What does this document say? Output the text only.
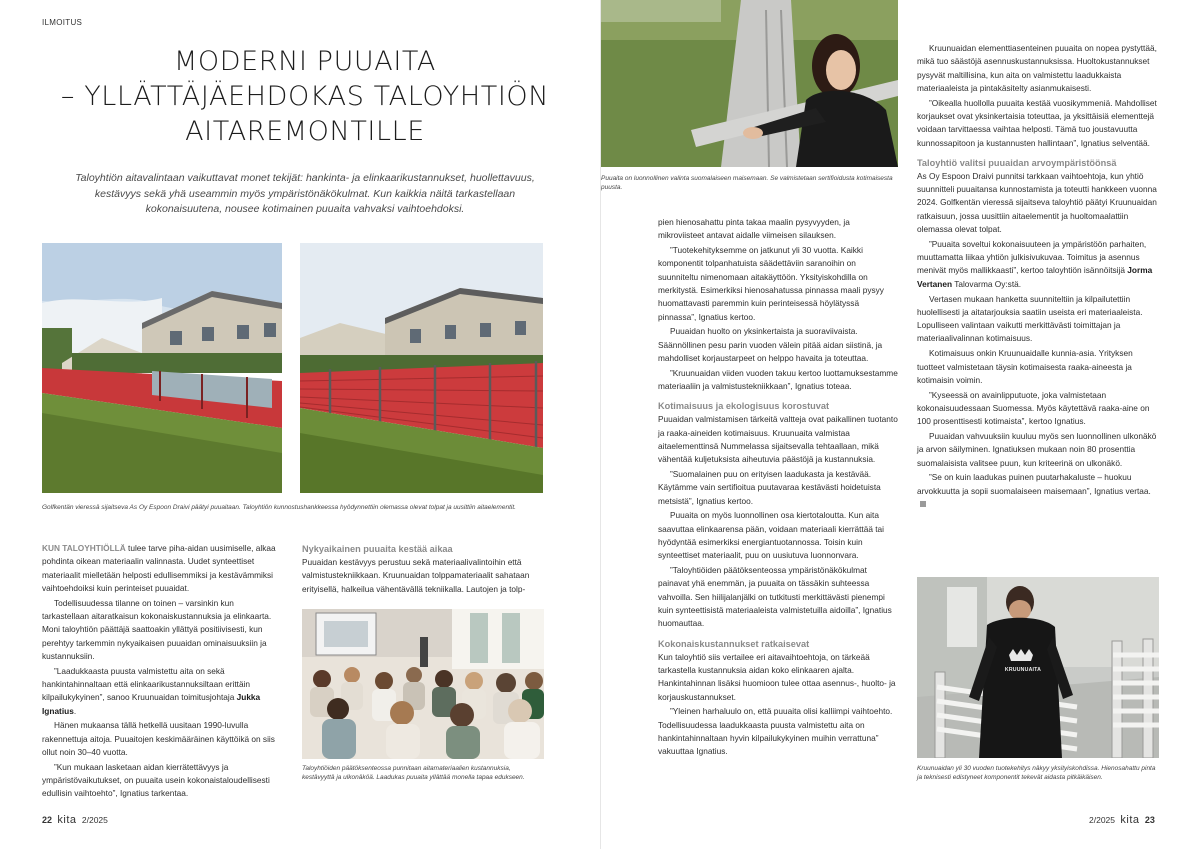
ILMOITUS
MODERNI PUUAITA
– YLLÄTTÄJÄEHDOKAS TALOYHTIÖN
AITAREMONTILLE
Taloyhtiön aitavalintaan vaikuttavat monet tekijät: hankinta- ja elinkaarikustannukset, huollettavuus,
kestävyys sekä yhä useammin myös ympäristönäkökulmat. Kun kaikkia näitä tarkastellaan
kokonaisuutena, nousee kotimainen puuaita vahvaksi vaihtoehdoksi.
Golfkentän vieressä sijaitseva As Oy Espoon Draivi päätyi puuaitaan. Taloyhtiön kunnostushankkeessa hyödynnettiin olemassa olevat tolpat ja uusittiin aitaelementit.

KUN TALOYHTIÖLLÄ tulee tarve piha-aidan uusimiselle, alkaa pohdinta oikean materiaalin valinnasta. Uudet synteettiset materiaalit mielletään helposti edullisemmiksi ja kestävämmiksi vaihtoehdoiksi kuin perinteiset puuaidat.

Todellisuudessa tilanne on toinen – varsinkin kun tarkastellaan aitaratkaisun kokonaiskustannuksia ja elinkaarta. Moni taloyhtiön päättäjä saattoakin yllättyä positiivisesti, kun perehtyy tarkemmin nykyaikaisen puuaidan ominaisuuksiin ja kustannuksiin.

”Laadukkaasta puusta valmistettu aita on sekä hankintahinnaltaan että elinkaarikustannuksiltaan erittäin kilpailukykyinen”, sanoo Kruunuaidan toimitusjohtaja Jukka Ignatius.

Hänen mukaansa tällä hetkellä uusitaan 1990-luvulla rakennettuja aitoja. Puuaitojen keskimääräinen käyttöikä on siis ollut noin 30–40 vuotta.

”Kun mukaan lasketaan aidan kierrätettävyys ja ympäristövaikutukset, on puuaita usein kokonaistaloudellisesti edullisin vaihtoehto”, Ignatius tarkentaa.

Nykyaikainen puuaita kestää aikaa

Puuaidan kestävyys perustuu sekä materiaalivalintoihin että valmistustekniikkaan. Kruunuaidan tolppamateriaalit sahataan erityisellä, halkeilua vähentävällä tekniikalla. Lautojen ja tolp-

Taloyhtiöiden päätöksenteossa punnitaan aitamateriaalien kustannuksia, kestävyyttä ja ulkonäköä. Laadukas puuaita yllättää monella tapaa edukseen.
22 kita 2/2025
Puuaita on luonnollinen valinta suomalaiseen maisemaan. Se valmistetaan sertifioidusta kotimaisesta puusta.

pien hienosahattu pinta takaa maalin pysyvyyden, ja mikroviisteet antavat aidalle viimeisen silauksen.

”Tuotekehityksemme on jatkunut yli 30 vuotta. Kaikki komponentit tolpanhatuista säädettäviin saranoihin on suunniteltu nimenomaan aitakäyttöön. Yksityiskohdilla on merkitystä. Esimerkiksi hienosahatussa pinnassa maali pysyy huomattavasti paremmin kuin perinteisessä höylätyssä pinnassa”, Ignatius kertoo.

Puuaidan huolto on yksinkertaista ja suoraviivaista. Säännöllinen pesu parin vuoden välein pitää aidan siistinä, ja mahdolliset korjaustarpeet on helppo havaita ja toteuttaa.

”Kruunuaidan viiden vuoden takuu kertoo luottamuksestamme materiaaliin ja valmistustekniikkaan”, Ignatius toteaa.

Kotimaisuus ja ekologisuus korostuvat

Puuaidan valmistamisen tärkeitä valtteja ovat paikallinen tuotanto ja raaka-aineiden kotimaisuus. Kruunuaita valmistaa aitaelementtinsä Nummelassa sijaitsevalla tehtaallaan, mikä vähentää kuljetuksista aiheutuvia päästöjä ja kustannuksia.

”Suomalainen puu on erityisen laadukasta ja kestävää. Käytämme vain sertifioitua puutavaraa kestävästi hoidetuista metsistä”, Ignatius kertoo.

Puuaita on myös luonnollinen osa kiertotaloutta. Kun aita saavuttaa elinkaarensa pään, voidaan materiaali kierrättää tai hyödyntää esimerkiksi energiantuotannossa. Toisin kuin synteettiset materiaalit, puu on uusiutuva luonnonvara.

”Taloyhtiöiden päätöksenteossa ympäristönäkökulmat painavat yhä enemmän, ja puuaita on tässäkin suhteessa vahvoilla. Sen hiilijalanjälki on tutkitusti merkittävästi pienempi kuin synteettisistä materiaaleista valmistetuilla aidoilla”, Ignatius huomauttaa.

Kokonaiskustannukset ratkaisevat

Kun taloyhtiö siis vertailee eri aitavaihtoehtoja, on tärkeää tarkastella kustannuksia aidan koko elinkaaren ajalta. Hankintahinnan lisäksi huomioon tulee ottaa asennus-, huolto- ja korjauskustannukset.

”Yleinen harhaluulo on, että puuaita olisi kalliimpi vaihtoehto. Todellisuudessa laadukkaasta puusta valmistettu aita on hankintahinnaltaan hyvin kilpailukykyinen muihin verrattuna” vakuuttaa Ignatius.

Kruunuaidan elementtiasenteinen puuaita on nopea pystyttää, mikä tuo säästöjä asennuskustannuksissa. Huoltokustannukset pysyvät maltillisina, kun aita on valmistettu laadukkaista materiaaleista ja pintakäsitelty asianmukaisesti.

”Oikealla huollolla puuaita kestää vuosikymmeniä. Mahdolliset korjaukset ovat yksinkertaisia toteuttaa, ja yksittäisiä elementtejä voidaan tarvittaessa vaihtaa helposti. Tämä tuo joustavuutta kunnossapitoon ja kustannusten hallintaan”, Ignatius selventää.

Taloyhtiö valitsi puuaidan arvoympäristöönsä

As Oy Espoon Draivi punnitsi tarkkaan vaihtoehtoja, kun yhtiö suunnitteli puuaitansa kunnostamista ja toteutti hankkeen vuonna 2024. Golfkentän vieressä sijaitseva taloyhtiö päätyi Kruunuaidan ratkaisuun, jossa uusittiin aitaelementit ja huoltomaalattiin olemassa olevat tolpat.

”Puuaita soveltui kokonaisuuteen ja ympäristöön parhaiten, muuttamatta liikaa yhtiön julkisivukuvaa. Toimitus ja asennus menivät myös mallikkaasti”, kertoo taloyhtiön isännöitsijä Jorma Vertanen Talovarma Oy:stä.

Vertasen mukaan hanketta suunniteltiin ja kilpailutettiin huolellisesti ja aitatarjouksia saatiin useista eri materiaaleista. Lopulliseen valintaan vaikutti merkittävästi toimittajan ja materiaalivalinnan kotimaisuus.

Kotimaisuus onkin Kruunuaidalle kunnia-asia. Yrityksen tuotteet valmistetaan täysin kotimaisesta raaka-aineesta ja kotimaisin voimin.

”Kyseessä on avainlipputuote, joka valmistetaan kokonaisuudessaan Suomessa. Myös käytettävä raaka-aine on 100 prosenttisesti kotimaista”, kertoo Ignatius.

Puuaidan vahvuuksiin kuuluu myös sen luonnollinen ulkonäkö ja arvon säilyminen. Ignatiuksen mukaan noin 80 prosenttia suomalaisista valitsee puun, kun kriteerinä on ulkonäkö.

”Se on kuin laadukas puinen puutarhakaluste – huokuu arvokkuutta ja sopii suomalaiseen maisemaan”, Ignatius vertaa.

KRUUNUAITA
Kruunuaidan yli 30 vuoden tuotekehitys näkyy yksityiskohdissa. Hienosahattu pinta ja teknisesti edistyneet komponentit tekevät aidasta pitkäikäisen.
2/2025 kita 23
